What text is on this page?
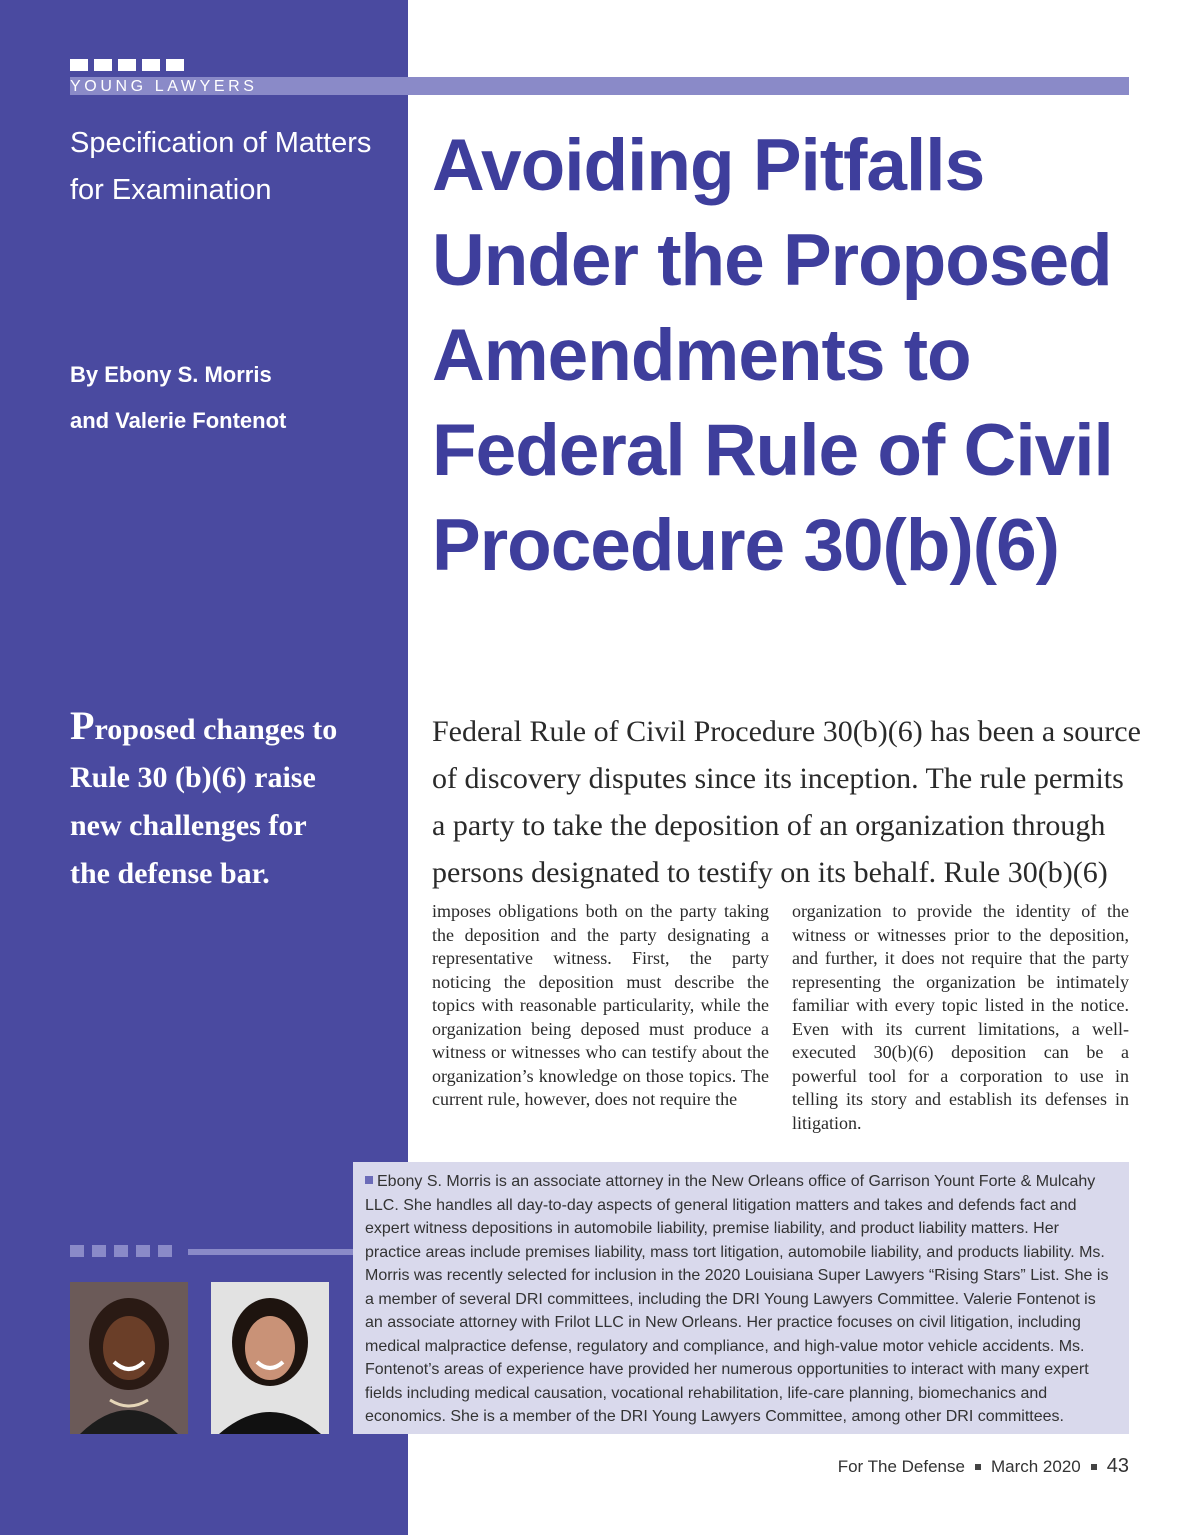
YOUNG LAWYERS
Specification of Matters
for Examination
By Ebony S. Morris
and Valerie Fontenot
Avoiding Pitfalls
Under the Proposed
Amendments to
Federal Rule of Civil
Procedure 30(b)(6)
Proposed changes to
Rule 30 (b)(6) raise
new challenges for
the defense bar.
Federal Rule of Civil Procedure 30(b)(6) has been a source
of discovery disputes since its inception. The rule permits
a party to take the deposition of an organization through
persons designated to testify on its behalf. Rule 30(b)(6)
imposes obligations both on the party taking the deposition and the party designating a representative witness. First, the party noticing the deposition must describe the topics with reasonable particularity, while the organization being deposed must produce a witness or witnesses who can testify about the organization’s knowledge on those topics. The current rule, however, does not require the
organization to provide the identity of the witness or witnesses prior to the deposition, and further, it does not require that the party representing the organization be intimately familiar with every topic listed in the notice. Even with its current limitations, a well-executed 30(b)(6) deposition can be a powerful tool for a corporation to use in telling its story and establish its defenses in litigation.
Ebony S. Morris is an associate attorney in the New Orleans office of Garrison Yount Forte & Mulcahy LLC. She handles all day-to-day aspects of general litigation matters and takes and defends fact and expert witness depositions in automobile liability, premise liability, and product liability matters. Her practice areas include premises liability, mass tort litigation, automobile liability, and products liability. Ms. Morris was recently selected for inclusion in the 2020 Louisiana Super Lawyers “Rising Stars” List. She is a member of several DRI committees, including the DRI Young Lawyers Committee. Valerie Fontenot is an associate attorney with Frilot LLC in New Orleans. Her practice focuses on civil litigation, including medical malpractice defense, regulatory and compliance, and high-value motor vehicle accidents. Ms. Fontenot’s areas of experience have provided her numerous opportunities to interact with many expert fields including medical causation, vocational rehabilitation, life-care planning, biomechanics and economics. She is a member of the DRI Young Lawyers Committee, among other DRI committees.
For The Defense March 2020 43
